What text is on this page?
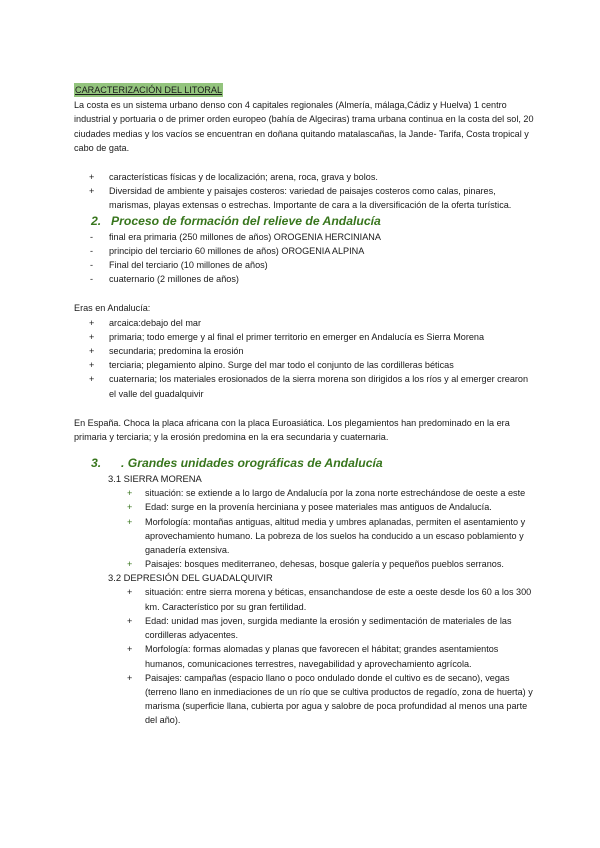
CARACTERIZACIÓN DEL LITORAL

La costa es un sistema urbano denso con 4 capitales regionales (Almería, málaga,Cádiz y Huelva) 1 centro industrial y portuaria o de primer orden europeo (bahía de Algeciras) trama urbana continua en la costa del sol, 20 ciudades medias y los vacíos se encuentran en doñana quitando matalascañas, la Jande- Tarifa, Costa tropical y cabo de gata.

+ características físicas y de localización; arena, roca, grava y bolos.
+ Diversidad de ambiente y paisajes costeros: variedad de paisajes costeros como calas, pinares, marismas, playas extensas o estrechas. Importante de cara a la diversificación de la oferta turística.
2. Proceso de formación del relieve de Andalucía
- final era primaria (250 millones de años) OROGENIA HERCINIANA
- principio del terciario 60 millones de años) OROGENIA ALPINA
- Final del terciario (10 millones de años)
- cuaternario (2 millones de años)

Eras en Andalucía:

+ arcaica:debajo del mar
+ primaria; todo emerge y al final el primer territorio en emerger en Andalucía es Sierra Morena
+ secundaria; predomina la erosión
+ terciaria; plegamiento alpino. Surge del mar todo el conjunto de las cordilleras béticas
+ cuaternaria; los materiales erosionados de la sierra morena son dirigidos a los ríos y al emerger crearon el valle del guadalquivir

En España. Choca la placa africana con la placa Euroasiática. Los plegamientos han predominado en la era primaria y terciaria; y la erosión predomina en la era secundaria y cuaternaria.

3. . Grandes unidades orográficas de Andalucía
3.1 SIERRA MORENA
+ situación: se extiende a lo largo de Andalucía por la zona norte estrechándose de oeste a este
+ Edad: surge en la provenía herciniana y posee materiales mas antiguos de Andalucía.
+ Morfología: montañas antiguas, altitud media y umbres aplanadas, permiten el asentamiento y aprovechamiento humano. La pobreza de los suelos ha conducido a un escaso poblamiento y ganadería extensiva.
+ Paisajes: bosques mediterraneo, dehesas, bosque galería y pequeños pueblos serranos.
3.2 DEPRESIÓN DEL GUADALQUIVIR
+ situación: entre sierra morena y béticas, ensanchandose de este a oeste desde los 60 a los 300 km. Característico por su gran fertilidad.
+ Edad: unidad mas joven, surgida mediante la erosión y sedimentación de materiales de las cordilleras adyacentes.
+ Morfología: formas alomadas y planas que favorecen el hábitat; grandes asentamientos humanos, comunicaciones terrestres, navegabilidad y aprovechamiento agrícola.
+ Paisajes: campañas (espacio llano o poco ondulado donde el cultivo es de secano), vegas (terreno llano en inmediaciones de un río que se cultiva productos de regadío, zona de huerta) y marisma (superficie llana, cubierta por agua y salobre de poca profundidad al menos una parte del año).
